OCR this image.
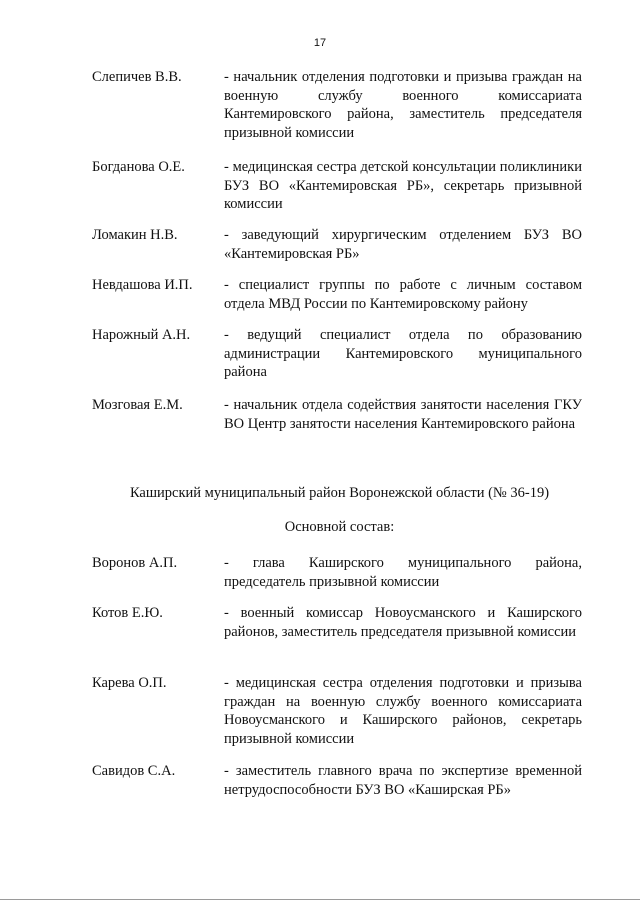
17
Слепичев В.В.	- начальник отделения подготовки и призыва граждан на военную службу военного комиссариата Кантемировского района, заместитель председателя призывной комиссии
Богданова О.Е.	- медицинская сестра детской консультации поликлиники БУЗ ВО «Кантемировская РБ», секретарь призывной комиссии
Ломакин Н.В.	- заведующий хирургическим отделением БУЗ ВО «Кантемировская РБ»
Невдашова И.П. - специалист группы по работе с личным составом отдела МВД России по Кантемировскому району
Нарожный А.Н. - ведущий специалист отдела по образованию администрации Кантемировского муниципального района
Мозговая Е.М.	- начальник отдела содействия занятости населения ГКУ ВО Центр занятости населения Кантемировского района
Каширский муниципальный район Воронежской области (№ 36-19)
Основной состав:
Воронов А.П.	- глава Каширского муниципального района, председатель призывной комиссии
Котов Е.Ю.	- военный комиссар Новоусманского и Каширского районов, заместитель председателя призывной комиссии
Карева О.П.	- медицинская сестра отделения подготовки и призыва граждан на военную службу военного комиссариата Новоусманского и Каширского районов, секретарь призывной комиссии
Савидов С.А.	- заместитель главного врача по экспертизе временной нетрудоспособности БУЗ ВО «Каширская РБ»
